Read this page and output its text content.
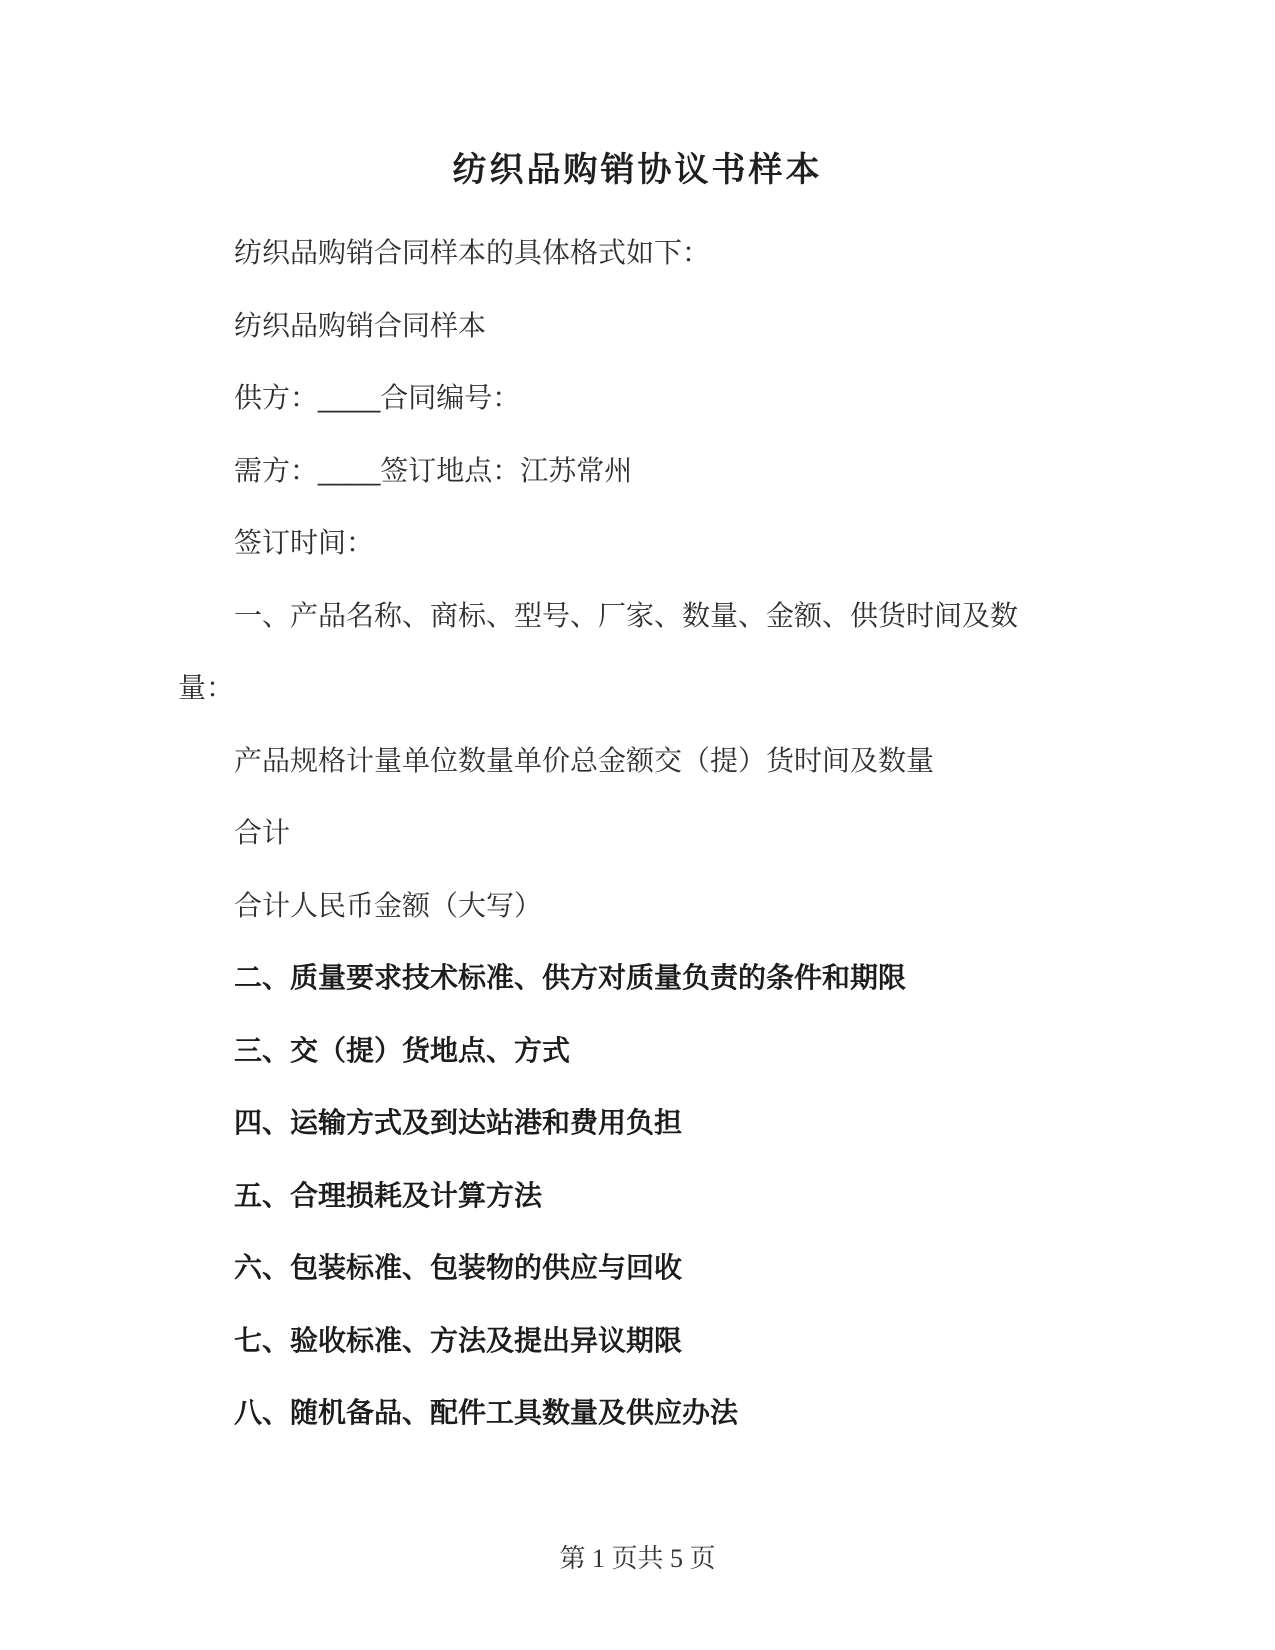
纺织品购销协议书样本

纺织品购销合同样本的具体格式如下：

纺织品购销合同样本

供方：____合同编号：

需方：____签订地点：江苏常州

签订时间：

一、产品名称、商标、型号、厂家、数量、金额、供货时间及数

量：

产品规格计量单位数量单价总金额交（提）货时间及数量

合计

合计人民币金额（大写）

二、质量要求技术标准、供方对质量负责的条件和期限

三、交（提）货地点、方式

四、运输方式及到达站港和费用负担

五、合理损耗及计算方法

六、包装标准、包装物的供应与回收

七、验收标准、方法及提出异议期限

八、随机备品、配件工具数量及供应办法

第 1 页共 5 页
